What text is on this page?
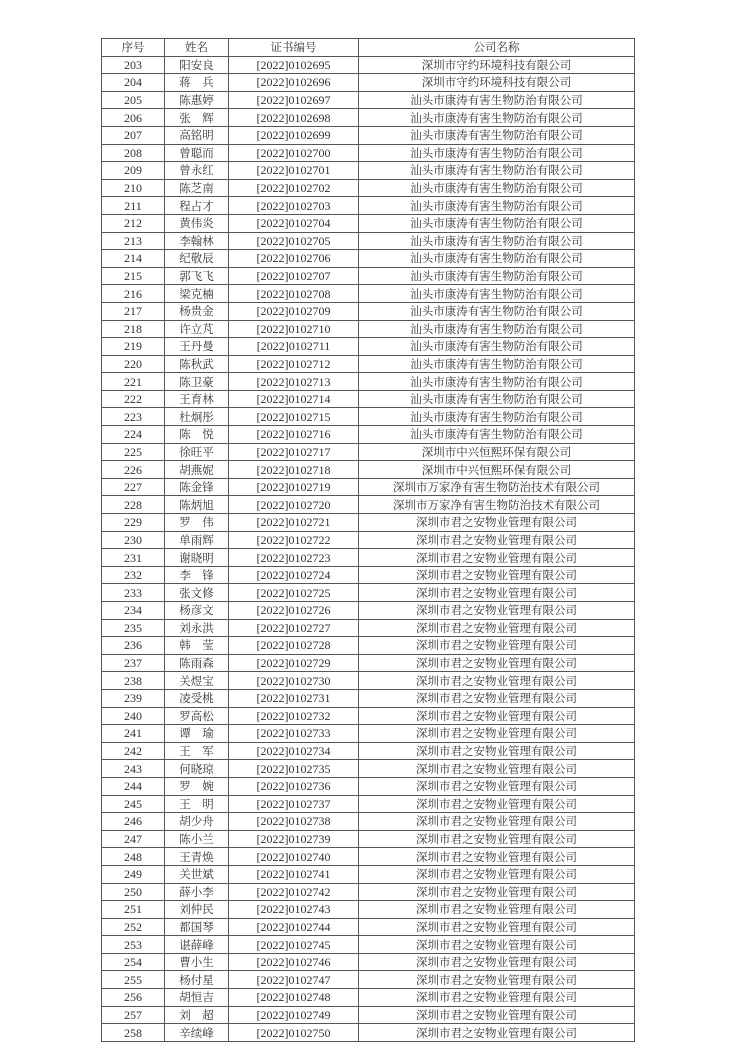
序号	姓名	证书编号	公司名称
203	阳安良	[2022]0102695	深圳市守约环境科技有限公司
204	蒋　兵	[2022]0102696	深圳市守约环境科技有限公司
205	陈惠婷	[2022]0102697	汕头市康涛有害生物防治有限公司
206	张　辉	[2022]0102698	汕头市康涛有害生物防治有限公司
207	高铭明	[2022]0102699	汕头市康涛有害生物防治有限公司
208	曾聪而	[2022]0102700	汕头市康涛有害生物防治有限公司
209	曾永红	[2022]0102701	汕头市康涛有害生物防治有限公司
210	陈芝南	[2022]0102702	汕头市康涛有害生物防治有限公司
211	程占才	[2022]0102703	汕头市康涛有害生物防治有限公司
212	黄伟炎	[2022]0102704	汕头市康涛有害生物防治有限公司
213	李翰林	[2022]0102705	汕头市康涛有害生物防治有限公司
214	纪敬辰	[2022]0102706	汕头市康涛有害生物防治有限公司
215	郭飞飞	[2022]0102707	汕头市康涛有害生物防治有限公司
216	梁克楠	[2022]0102708	汕头市康涛有害生物防治有限公司
217	杨贵金	[2022]0102709	汕头市康涛有害生物防治有限公司
218	许立芃	[2022]0102710	汕头市康涛有害生物防治有限公司
219	王丹曼	[2022]0102711	汕头市康涛有害生物防治有限公司
220	陈秋武	[2022]0102712	汕头市康涛有害生物防治有限公司
221	陈卫豪	[2022]0102713	汕头市康涛有害生物防治有限公司
222	王育林	[2022]0102714	汕头市康涛有害生物防治有限公司
223	杜炯彤	[2022]0102715	汕头市康涛有害生物防治有限公司
224	陈　悦	[2022]0102716	汕头市康涛有害生物防治有限公司
225	徐旺平	[2022]0102717	深圳市中兴恒熙环保有限公司
226	胡燕妮	[2022]0102718	深圳市中兴恒熙环保有限公司
227	陈金锋	[2022]0102719	深圳市万家净有害生物防治技术有限公司
228	陈炳旭	[2022]0102720	深圳市万家净有害生物防治技术有限公司
229	罗　伟	[2022]0102721	深圳市君之安物业管理有限公司
230	单雨辉	[2022]0102722	深圳市君之安物业管理有限公司
231	谢晓明	[2022]0102723	深圳市君之安物业管理有限公司
232	李　锋	[2022]0102724	深圳市君之安物业管理有限公司
233	张文修	[2022]0102725	深圳市君之安物业管理有限公司
234	杨彦文	[2022]0102726	深圳市君之安物业管理有限公司
235	刘永洪	[2022]0102727	深圳市君之安物业管理有限公司
236	韩　莹	[2022]0102728	深圳市君之安物业管理有限公司
237	陈雨森	[2022]0102729	深圳市君之安物业管理有限公司
238	关煜宝	[2022]0102730	深圳市君之安物业管理有限公司
239	凌受桃	[2022]0102731	深圳市君之安物业管理有限公司
240	罗高松	[2022]0102732	深圳市君之安物业管理有限公司
241	谭　瑜	[2022]0102733	深圳市君之安物业管理有限公司
242	王　军	[2022]0102734	深圳市君之安物业管理有限公司
243	何晓琼	[2022]0102735	深圳市君之安物业管理有限公司
244	罗　婉	[2022]0102736	深圳市君之安物业管理有限公司
245	王　明	[2022]0102737	深圳市君之安物业管理有限公司
246	胡少舟	[2022]0102738	深圳市君之安物业管理有限公司
247	陈小兰	[2022]0102739	深圳市君之安物业管理有限公司
248	王青焕	[2022]0102740	深圳市君之安物业管理有限公司
249	关世斌	[2022]0102741	深圳市君之安物业管理有限公司
250	薛小李	[2022]0102742	深圳市君之安物业管理有限公司
251	刘仲民	[2022]0102743	深圳市君之安物业管理有限公司
252	都国琴	[2022]0102744	深圳市君之安物业管理有限公司
253	谌薛峰	[2022]0102745	深圳市君之安物业管理有限公司
254	曹小生	[2022]0102746	深圳市君之安物业管理有限公司
255	杨付星	[2022]0102747	深圳市君之安物业管理有限公司
256	胡恒吉	[2022]0102748	深圳市君之安物业管理有限公司
257	刘　超	[2022]0102749	深圳市君之安物业管理有限公司
258	辛续峰	[2022]0102750	深圳市君之安物业管理有限公司
